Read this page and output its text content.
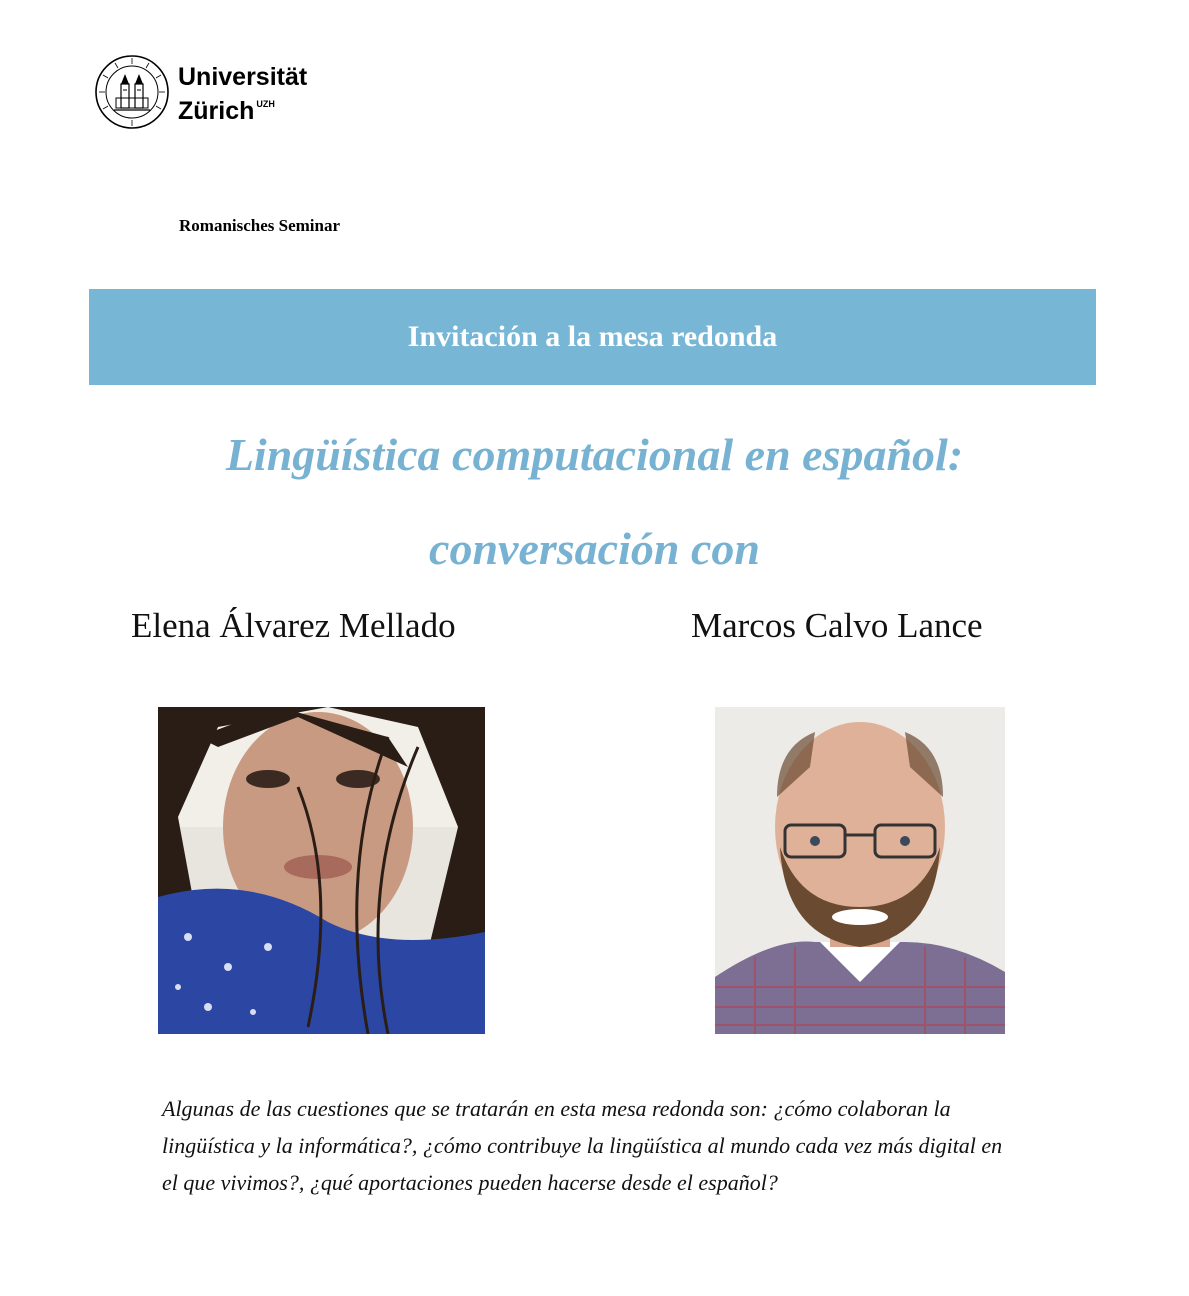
Universität
Zürich $^{UZH}$
Romanisches Seminar
Invitación a la mesa redonda
Lingüística computacional en español:
conversación con
Elena Álvarez Mellado	Marcos Calvo Lance

Algunas de las cuestiones que se tratarán en esta mesa redonda son: ¿cómo colaboran la lingüística y la informática?, ¿cómo contribuye la lingüística al mundo cada vez más digital en el que vivimos?, ¿qué aportaciones pueden hacerse desde el español?
